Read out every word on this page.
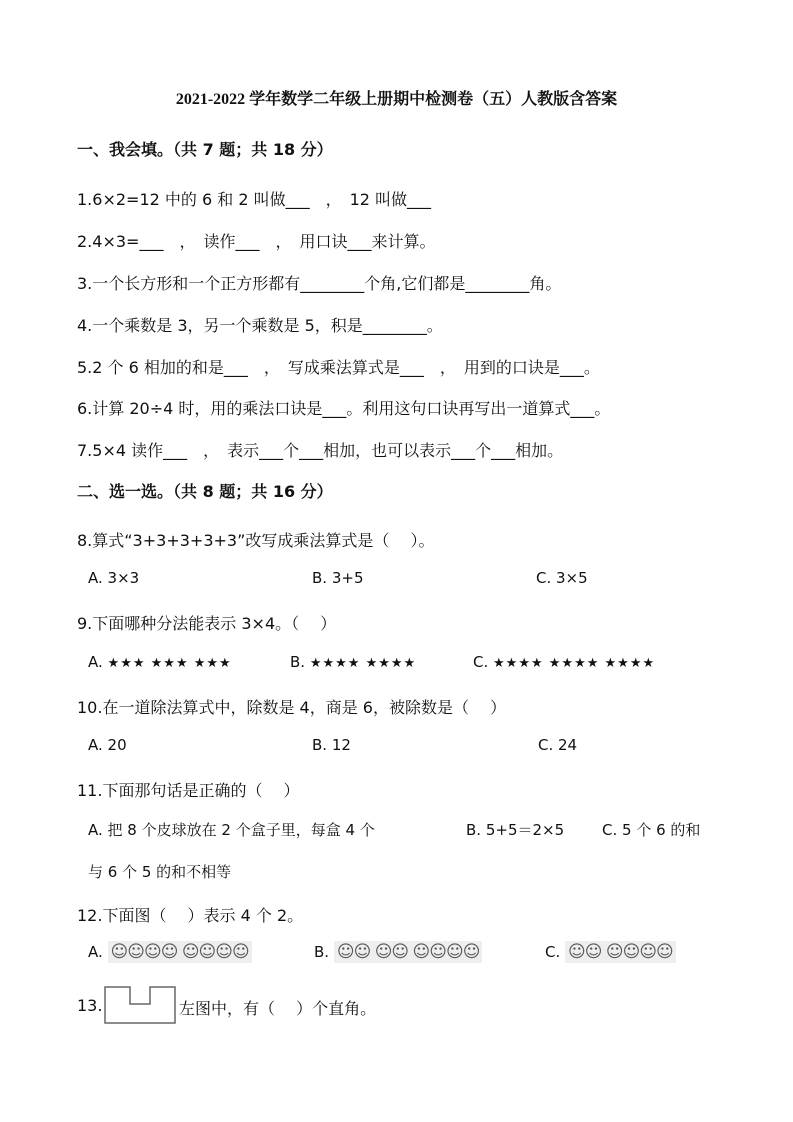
2021-2022 学年数学二年级上册期中检测卷（五）人教版含答案
一、我会填。（共 7 题；共 18 分）
1.6×2=12 中的 6 和 2 叫做___　，　12 叫做___
2.4×3=___　，　读作___　，　用口诀___来计算。
3.一个长方形和一个正方形都有________个角,它们都是________角。
4.一个乘数是 3，另一个乘数是 5，积是________。
5.2 个 6 相加的和是___　，　写成乘法算式是___　，　用到的口诀是___。
6.计算 20÷4 时，用的乘法口诀是___。利用这句口诀再写出一道算式___。
7.5×4 读作___　，　表示___个___相加，也可以表示___个___相加。
二、选一选。（共 8 题；共 16 分）
8.算式“3+3+3+3+3”改写成乘法算式是（　 ）。
A. 3×3	B. 3+5	C. 3×5
9.下面哪种分法能表示 3×4。（　 ）
A. ★★★ ★★★ ★★★	B. ★★★★ ★★★★	C. ★★★★ ★★★★ ★★★★
10.在一道除法算式中，除数是 4，商是 6，被除数是（　 ）
A. 20	B. 12	C. 24
11.下面那句话是正确的（　 ）
A. 把 8 个皮球放在 2 个盒子里，每盒 4 个	B. 5+5＝2×5	C. 5 个 6 的和
与 6 个 5 的和不相等
12.下面图（　 ）表示 4 个 2。
A. ☺☺☺☺ ☺☺☺☺	B. ☺☺ ☺☺ ☺☺☺☺	C. ☺☺ ☺☺☺☺
13.	左图中，有（　 ）个直角。
